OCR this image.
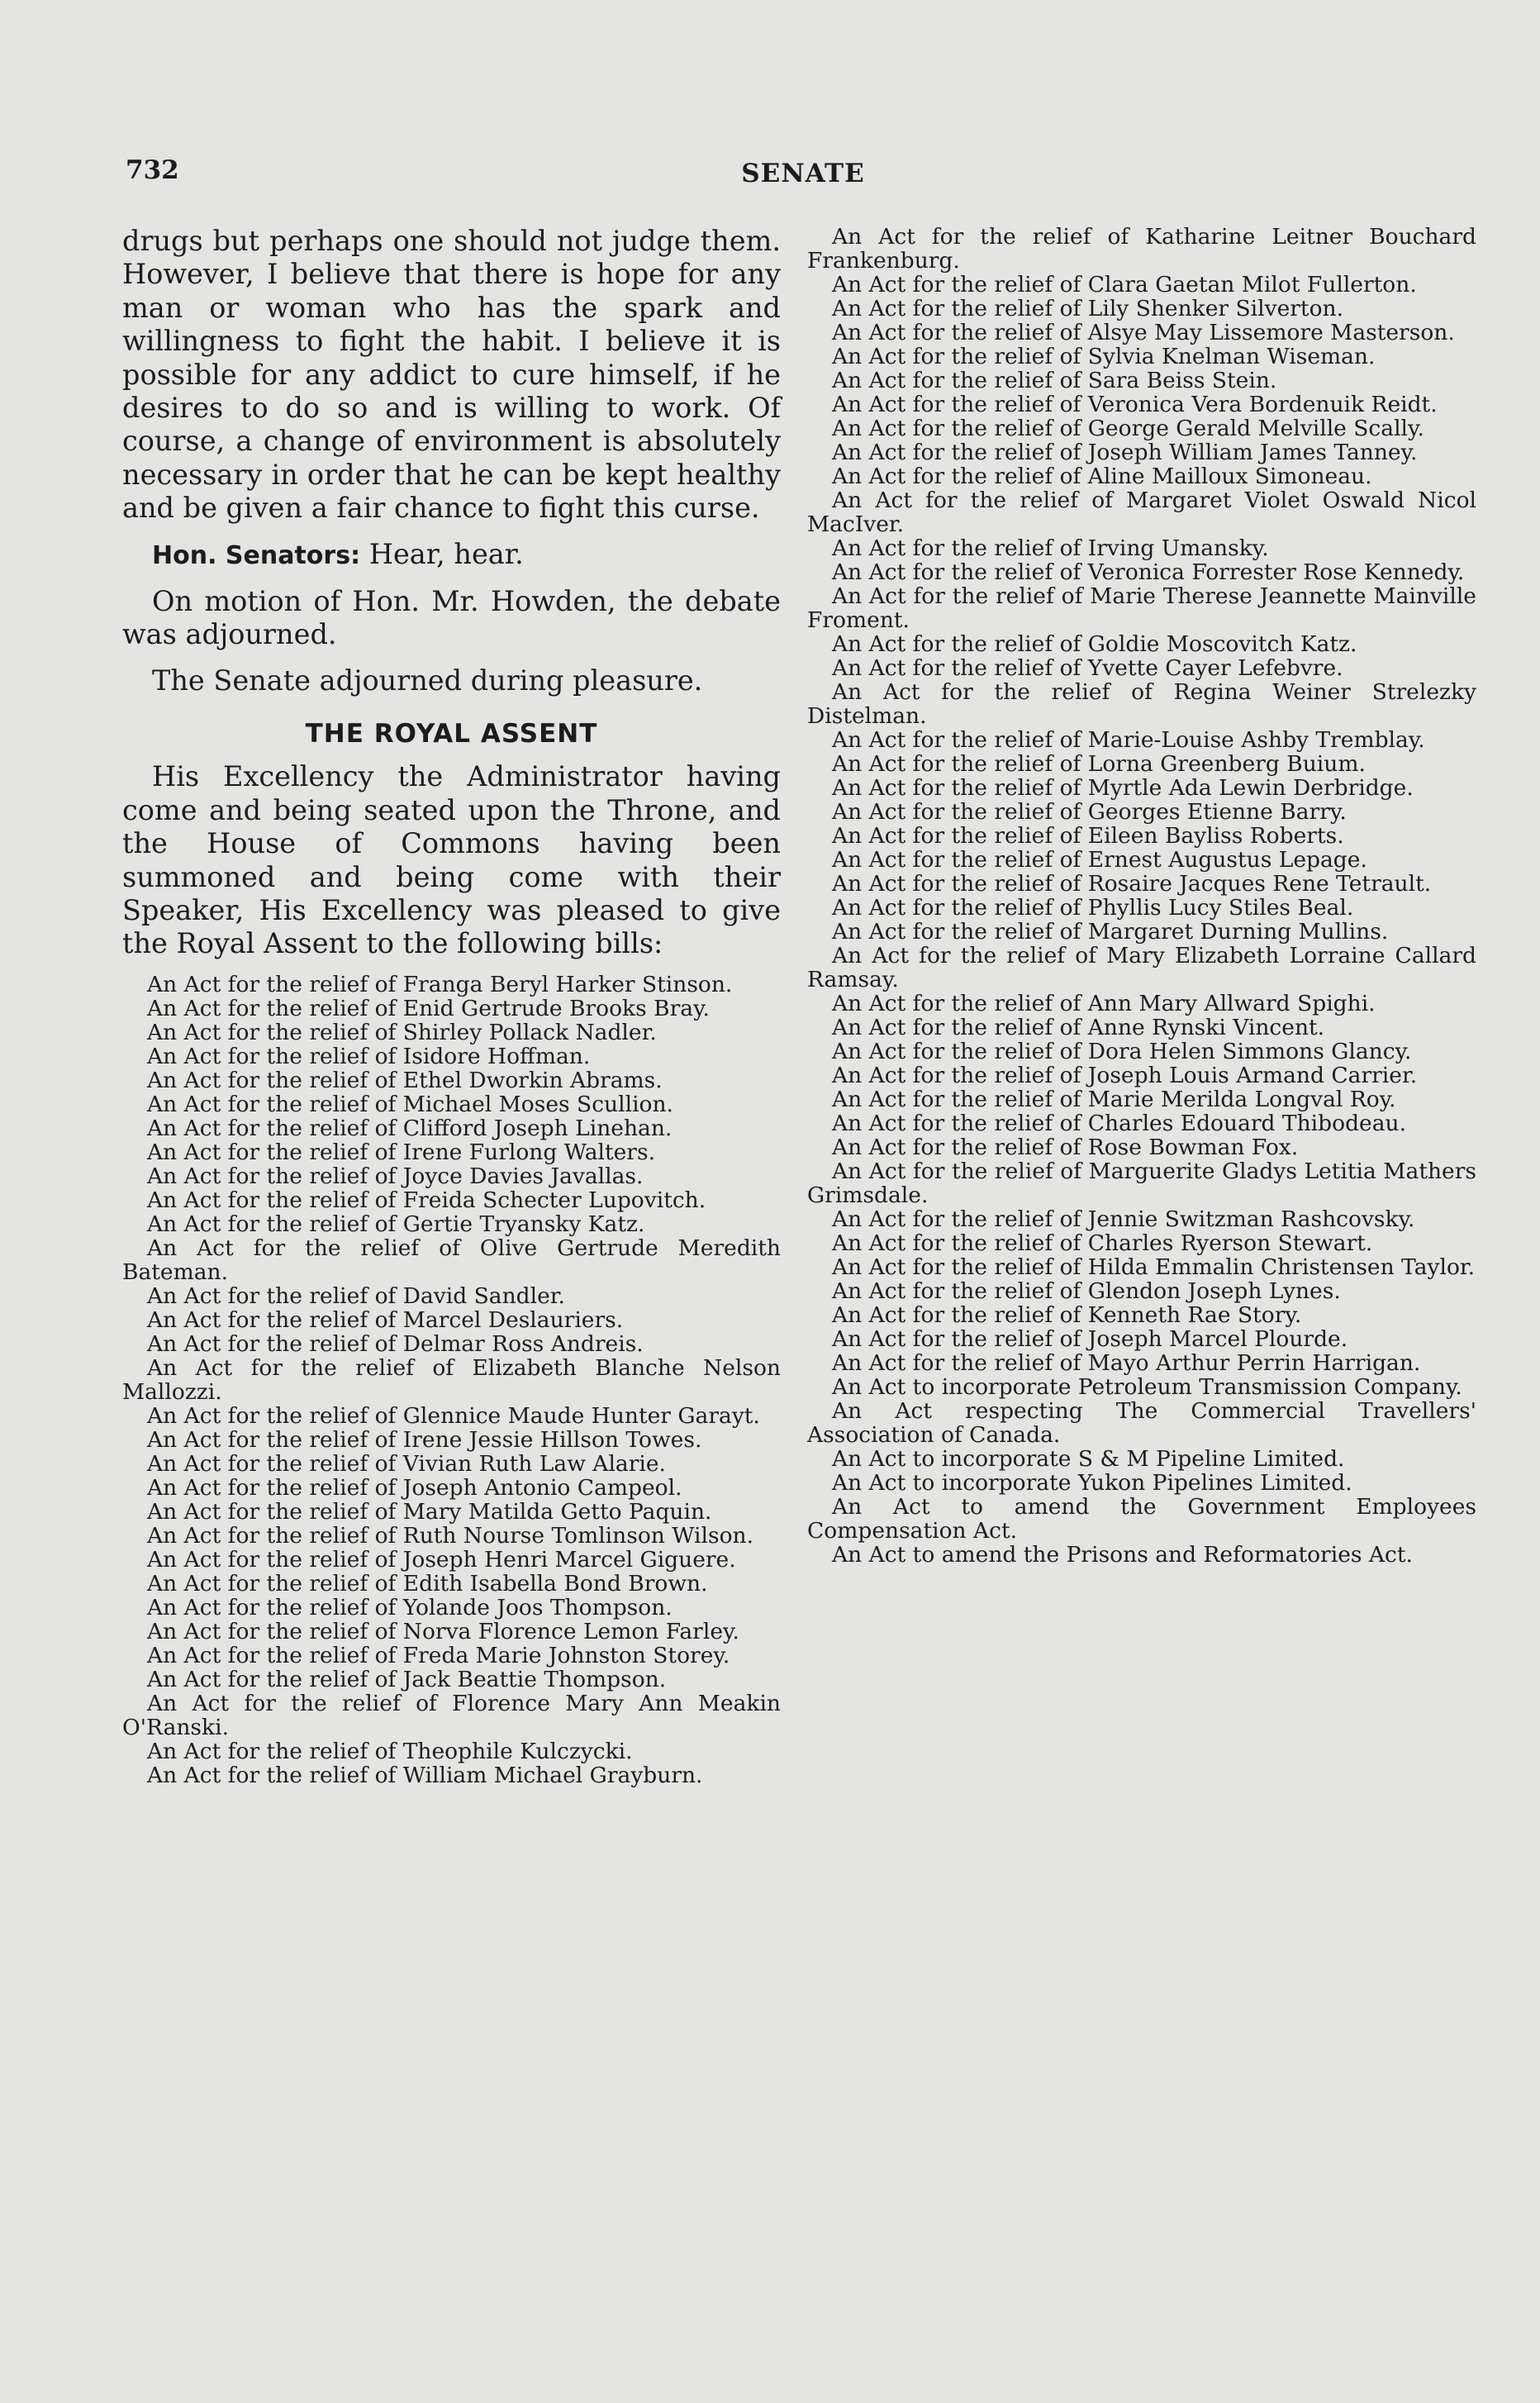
732	SENATE

drugs but perhaps one should not judge them. However, I believe that there is hope for any man or woman who has the spark and willingness to fight the habit. I believe it is possible for any addict to cure himself, if he desires to do so and is willing to work. Of course, a change of environment is absolutely necessary in order that he can be kept healthy and be given a fair chance to fight this curse.

Hon. Senators: Hear, hear.

On motion of Hon. Mr. Howden, the debate was adjourned.

The Senate adjourned during pleasure.

THE ROYAL ASSENT

His Excellency the Administrator having come and being seated upon the Throne, and the House of Commons having been summoned and being come with their Speaker, His Excellency was pleased to give the Royal Assent to the following bills:

An Act for the relief of Franga Beryl Harker Stinson.
An Act for the relief of Enid Gertrude Brooks Bray.
An Act for the relief of Shirley Pollack Nadler.
An Act for the relief of Isidore Hoffman.
An Act for the relief of Ethel Dworkin Abrams.
An Act for the relief of Michael Moses Scullion.
An Act for the relief of Clifford Joseph Linehan.
An Act for the relief of Irene Furlong Walters.
An Act for the relief of Joyce Davies Javallas.
An Act for the relief of Freida Schecter Lupovitch.
An Act for the relief of Gertie Tryansky Katz.
An Act for the relief of Olive Gertrude Meredith Bateman.
An Act for the relief of David Sandler.
An Act for the relief of Marcel Deslauriers.
An Act for the relief of Delmar Ross Andreis.
An Act for the relief of Elizabeth Blanche Nelson Mallozzi.
An Act for the relief of Glennice Maude Hunter Garayt.
An Act for the relief of Irene Jessie Hillson Towes.
An Act for the relief of Vivian Ruth Law Alarie.
An Act for the relief of Joseph Antonio Campeol.
An Act for the relief of Mary Matilda Getto Paquin.
An Act for the relief of Ruth Nourse Tomlinson Wilson.
An Act for the relief of Joseph Henri Marcel Giguere.
An Act for the relief of Edith Isabella Bond Brown.
An Act for the relief of Yolande Joos Thompson.
An Act for the relief of Norva Florence Lemon Farley.
An Act for the relief of Freda Marie Johnston Storey.
An Act for the relief of Jack Beattie Thompson.
An Act for the relief of Florence Mary Ann Meakin O'Ranski.
An Act for the relief of Theophile Kulczycki.
An Act for the relief of William Michael Grayburn.
An Act for the relief of Katharine Leitner Bouchard Frankenburg.
An Act for the relief of Clara Gaetan Milot Fullerton.
An Act for the relief of Lily Shenker Silverton.
An Act for the relief of Alsye May Lissemore Masterson.
An Act for the relief of Sylvia Knelman Wiseman.
An Act for the relief of Sara Beiss Stein.
An Act for the relief of Veronica Vera Bordenuik Reidt.
An Act for the relief of George Gerald Melville Scally.
An Act for the relief of Joseph William James Tanney.
An Act for the relief of Aline Mailloux Simoneau.
An Act for the relief of Margaret Violet Oswald Nicol MacIver.
An Act for the relief of Irving Umansky.
An Act for the relief of Veronica Forrester Rose Kennedy.
An Act for the relief of Marie Therese Jeannette Mainville Froment.
An Act for the relief of Goldie Moscovitch Katz.
An Act for the relief of Yvette Cayer Lefebvre.
An Act for the relief of Regina Weiner Strelezky Distelman.
An Act for the relief of Marie-Louise Ashby Tremblay.
An Act for the relief of Lorna Greenberg Buium.
An Act for the relief of Myrtle Ada Lewin Derbridge.
An Act for the relief of Georges Etienne Barry.
An Act for the relief of Eileen Bayliss Roberts.
An Act for the relief of Ernest Augustus Lepage.
An Act for the relief of Rosaire Jacques Rene Tetrault.
An Act for the relief of Phyllis Lucy Stiles Beal.
An Act for the relief of Margaret Durning Mullins.
An Act for the relief of Mary Elizabeth Lorraine Callard Ramsay.
An Act for the relief of Ann Mary Allward Spighi.
An Act for the relief of Anne Rynski Vincent.
An Act for the relief of Dora Helen Simmons Glancy.
An Act for the relief of Joseph Louis Armand Carrier.
An Act for the relief of Marie Merilda Longval Roy.
An Act for the relief of Charles Edouard Thibodeau.
An Act for the relief of Rose Bowman Fox.
An Act for the relief of Marguerite Gladys Letitia Mathers Grimsdale.
An Act for the relief of Jennie Switzman Rashcovsky.
An Act for the relief of Charles Ryerson Stewart.
An Act for the relief of Hilda Emmalin Christensen Taylor.
An Act for the relief of Glendon Joseph Lynes.
An Act for the relief of Kenneth Rae Story.
An Act for the relief of Joseph Marcel Plourde.
An Act for the relief of Mayo Arthur Perrin Harrigan.
An Act to incorporate Petroleum Transmission Company.
An Act respecting The Commercial Travellers' Association of Canada.
An Act to incorporate S & M Pipeline Limited.
An Act to incorporate Yukon Pipelines Limited.
An Act to amend the Government Employees Compensation Act.
An Act to amend the Prisons and Reformatories Act.
